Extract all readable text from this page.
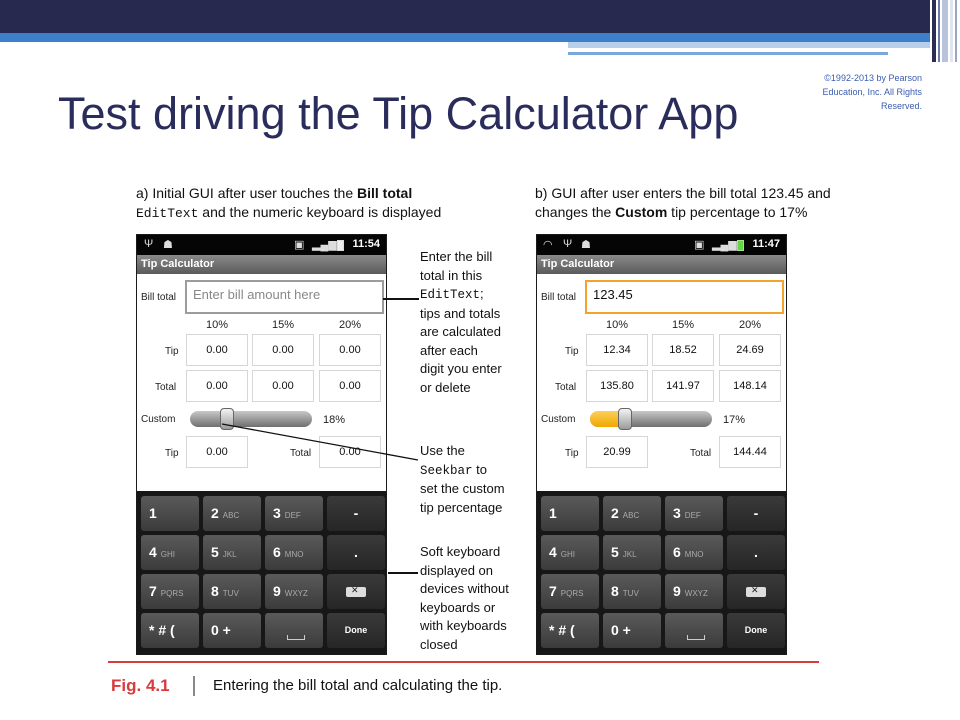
Test driving the Tip Calculator App
©1992-2013 by Pearson Education, Inc. All Rights Reserved.
a) Initial GUI after user touches the Bill total
EditText and the numeric keyboard is displayed
b) GUI after user enters the bill total 123.45 and
changes the Custom tip percentage to 17%
Ψ ☗	▣ ▂▄▆ 11:54
Tip Calculator
Bill total	Enter bill amount here
10%	15%	20%
Tip	0.00	0.00	0.00
Total	0.00	0.00	0.00
Custom	18%
Tip	0.00	Total	0.00
1	2 ABC	3 DEF	-
4 GHI	5 JKL	6 MNO	.
7 PQRS	8 TUV	9 WXYZ
✕
* # (	0 +	Done
◠ Ψ ☗	▣ ▂▄▆ 11:47
Tip Calculator
Bill total	123.45
10%	15%	20%
Tip	12.34	18.52	24.69
Total	135.80	141.97	148.14
Custom	17%
Tip	20.99	Total	144.44
1	2 ABC	3 DEF	-
4 GHI	5 JKL	6 MNO	.
7 PQRS	8 TUV	9 WXYZ
✕
* # (	0 +	Done
Enter the bill
total in this
EditText;
tips and totals
are calculated
after each
digit you enter
or delete
Use the
Seekbar to
set the custom
tip percentage
Soft keyboard
displayed on
devices without
keyboards or
with keyboards
closed
Fig. 4.1	Entering the bill total and calculating the tip.
